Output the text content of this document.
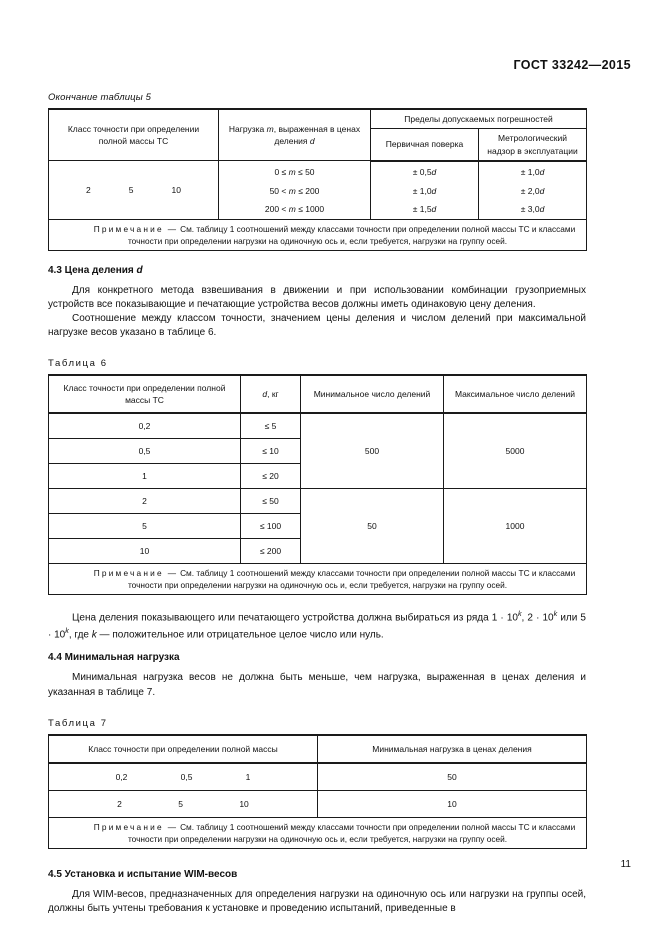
ГОСТ 33242—2015
Окончание таблицы 5
Класс точности при определении полной массы ТС	Нагрузка m, выраженная в ценах деления d	Пределы допускаемых погрешностей	
		Первичная поверка	Метрологический надзор в эксплуатации

2 5 10	0 ≤ m ≤ 50	± 0,5d	± 1,0d
	50 < m ≤ 200	± 1,0d	± 2,0d
	200 < m ≤ 1000	± 1,5d	± 3,0d
Примечание — См. таблицу 1 соотношений между классами точности при определении полной массы ТС и классами точности при определении нагрузки на одиночную ось и, если требуется, нагрузки на группу осей.			
4.3 Цена деления d

Для конкретного метода взвешивания в движении и при использовании комбинации грузоприемных устройств все показывающие и печатающие устройства весов должны иметь одинаковую цену деления.

Соотношение между классом точности, значением цены деления и числом делений при максимальной нагрузке весов указано в таблице 6.

Таблица 6
Класс точности при определении полной массы ТС	d, кг	Минимальное число делений	Максимальное число делений
0,2	≤ 5	500	5000
0,5	≤ 10		
1	≤ 20		
2	≤ 50	50	1000
5	≤ 100		
10	≤ 200		
Примечание — См. таблицу 1 соотношений между классами точности при определении полной массы ТС и классами точности при определении нагрузки на одиночную ось и, если требуется, нагрузки на группу осей.			

Цена деления показывающего или печатающего устройства должна выбираться из ряда $1 \cdot 10^k$, $2 \cdot 10^k$ или $5 \cdot 10^k$, где k — положительное или отрицательное целое число или нуль.

4.4 Минимальная нагрузка

Минимальная нагрузка весов не должна быть меньше, чем нагрузка, выраженная в ценах деления и указанная в таблице 7.

Таблица 7
Класс точности при определении полной массы	Минимальная нагрузка в ценах деления

0,2 0,5 1	50

2 5 10	10
Примечание — См. таблицу 1 соотношений между классами точности при определении полной массы ТС и классами точности при определении нагрузки на одиночную ось и, если требуется, нагрузки на группу осей.	
4.5 Установка и испытание WIM-весов

Для WIM-весов, предназначенных для определения нагрузки на одиночную ось или нагрузки на группы осей, должны быть учтены требования к установке и проведению испытаний, приведенные в

11
